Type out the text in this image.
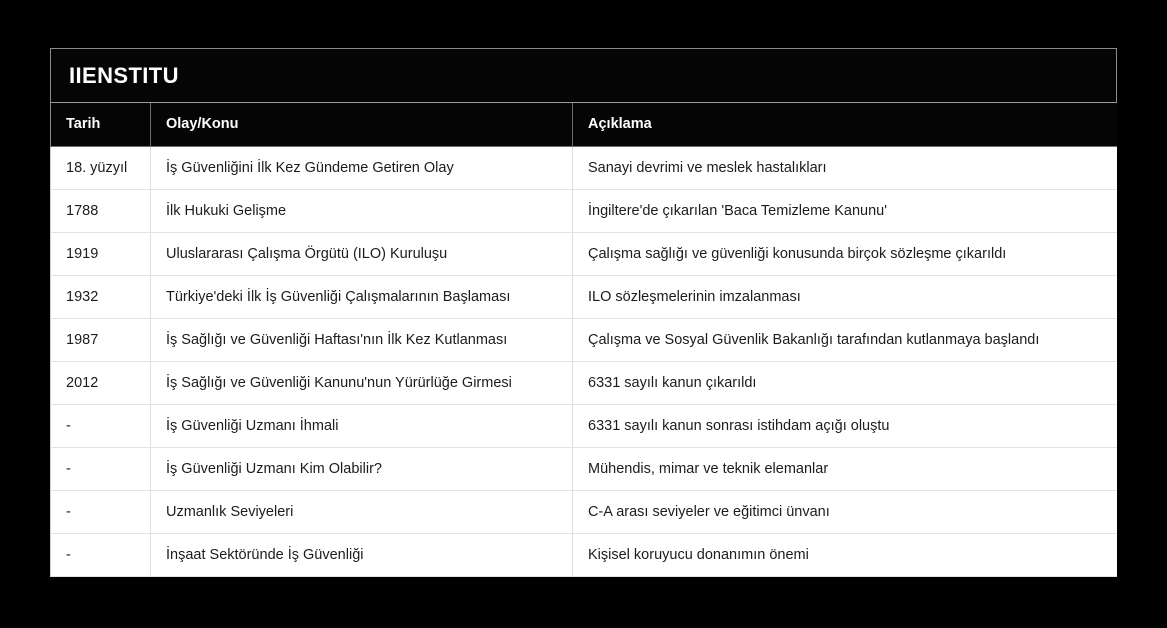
IIENSTITU
Tarih	Olay/Konu	Açıklama
18. yüzyıl	İş Güvenliğini İlk Kez Gündeme Getiren Olay	Sanayi devrimi ve meslek hastalıkları
1788	İlk Hukuki Gelişme	İngiltere'de çıkarılan 'Baca Temizleme Kanunu'
1919	Uluslararası Çalışma Örgütü (ILO) Kuruluşu	Çalışma sağlığı ve güvenliği konusunda birçok sözleşme çıkarıldı
1932	Türkiye'deki İlk İş Güvenliği Çalışmalarının Başlaması	ILO sözleşmelerinin imzalanması
1987	İş Sağlığı ve Güvenliği Haftası'nın İlk Kez Kutlanması	Çalışma ve Sosyal Güvenlik Bakanlığı tarafından kutlanmaya başlandı
2012	İş Sağlığı ve Güvenliği Kanunu'nun Yürürlüğe Girmesi	6331 sayılı kanun çıkarıldı
-	İş Güvenliği Uzmanı İhmali	6331 sayılı kanun sonrası istihdam açığı oluştu
-	İş Güvenliği Uzmanı Kim Olabilir?	Mühendis, mimar ve teknik elemanlar
-	Uzmanlık Seviyeleri	C-A arası seviyeler ve eğitimci ünvanı
-	İnşaat Sektöründe İş Güvenliği	Kişisel koruyucu donanımın önemi
